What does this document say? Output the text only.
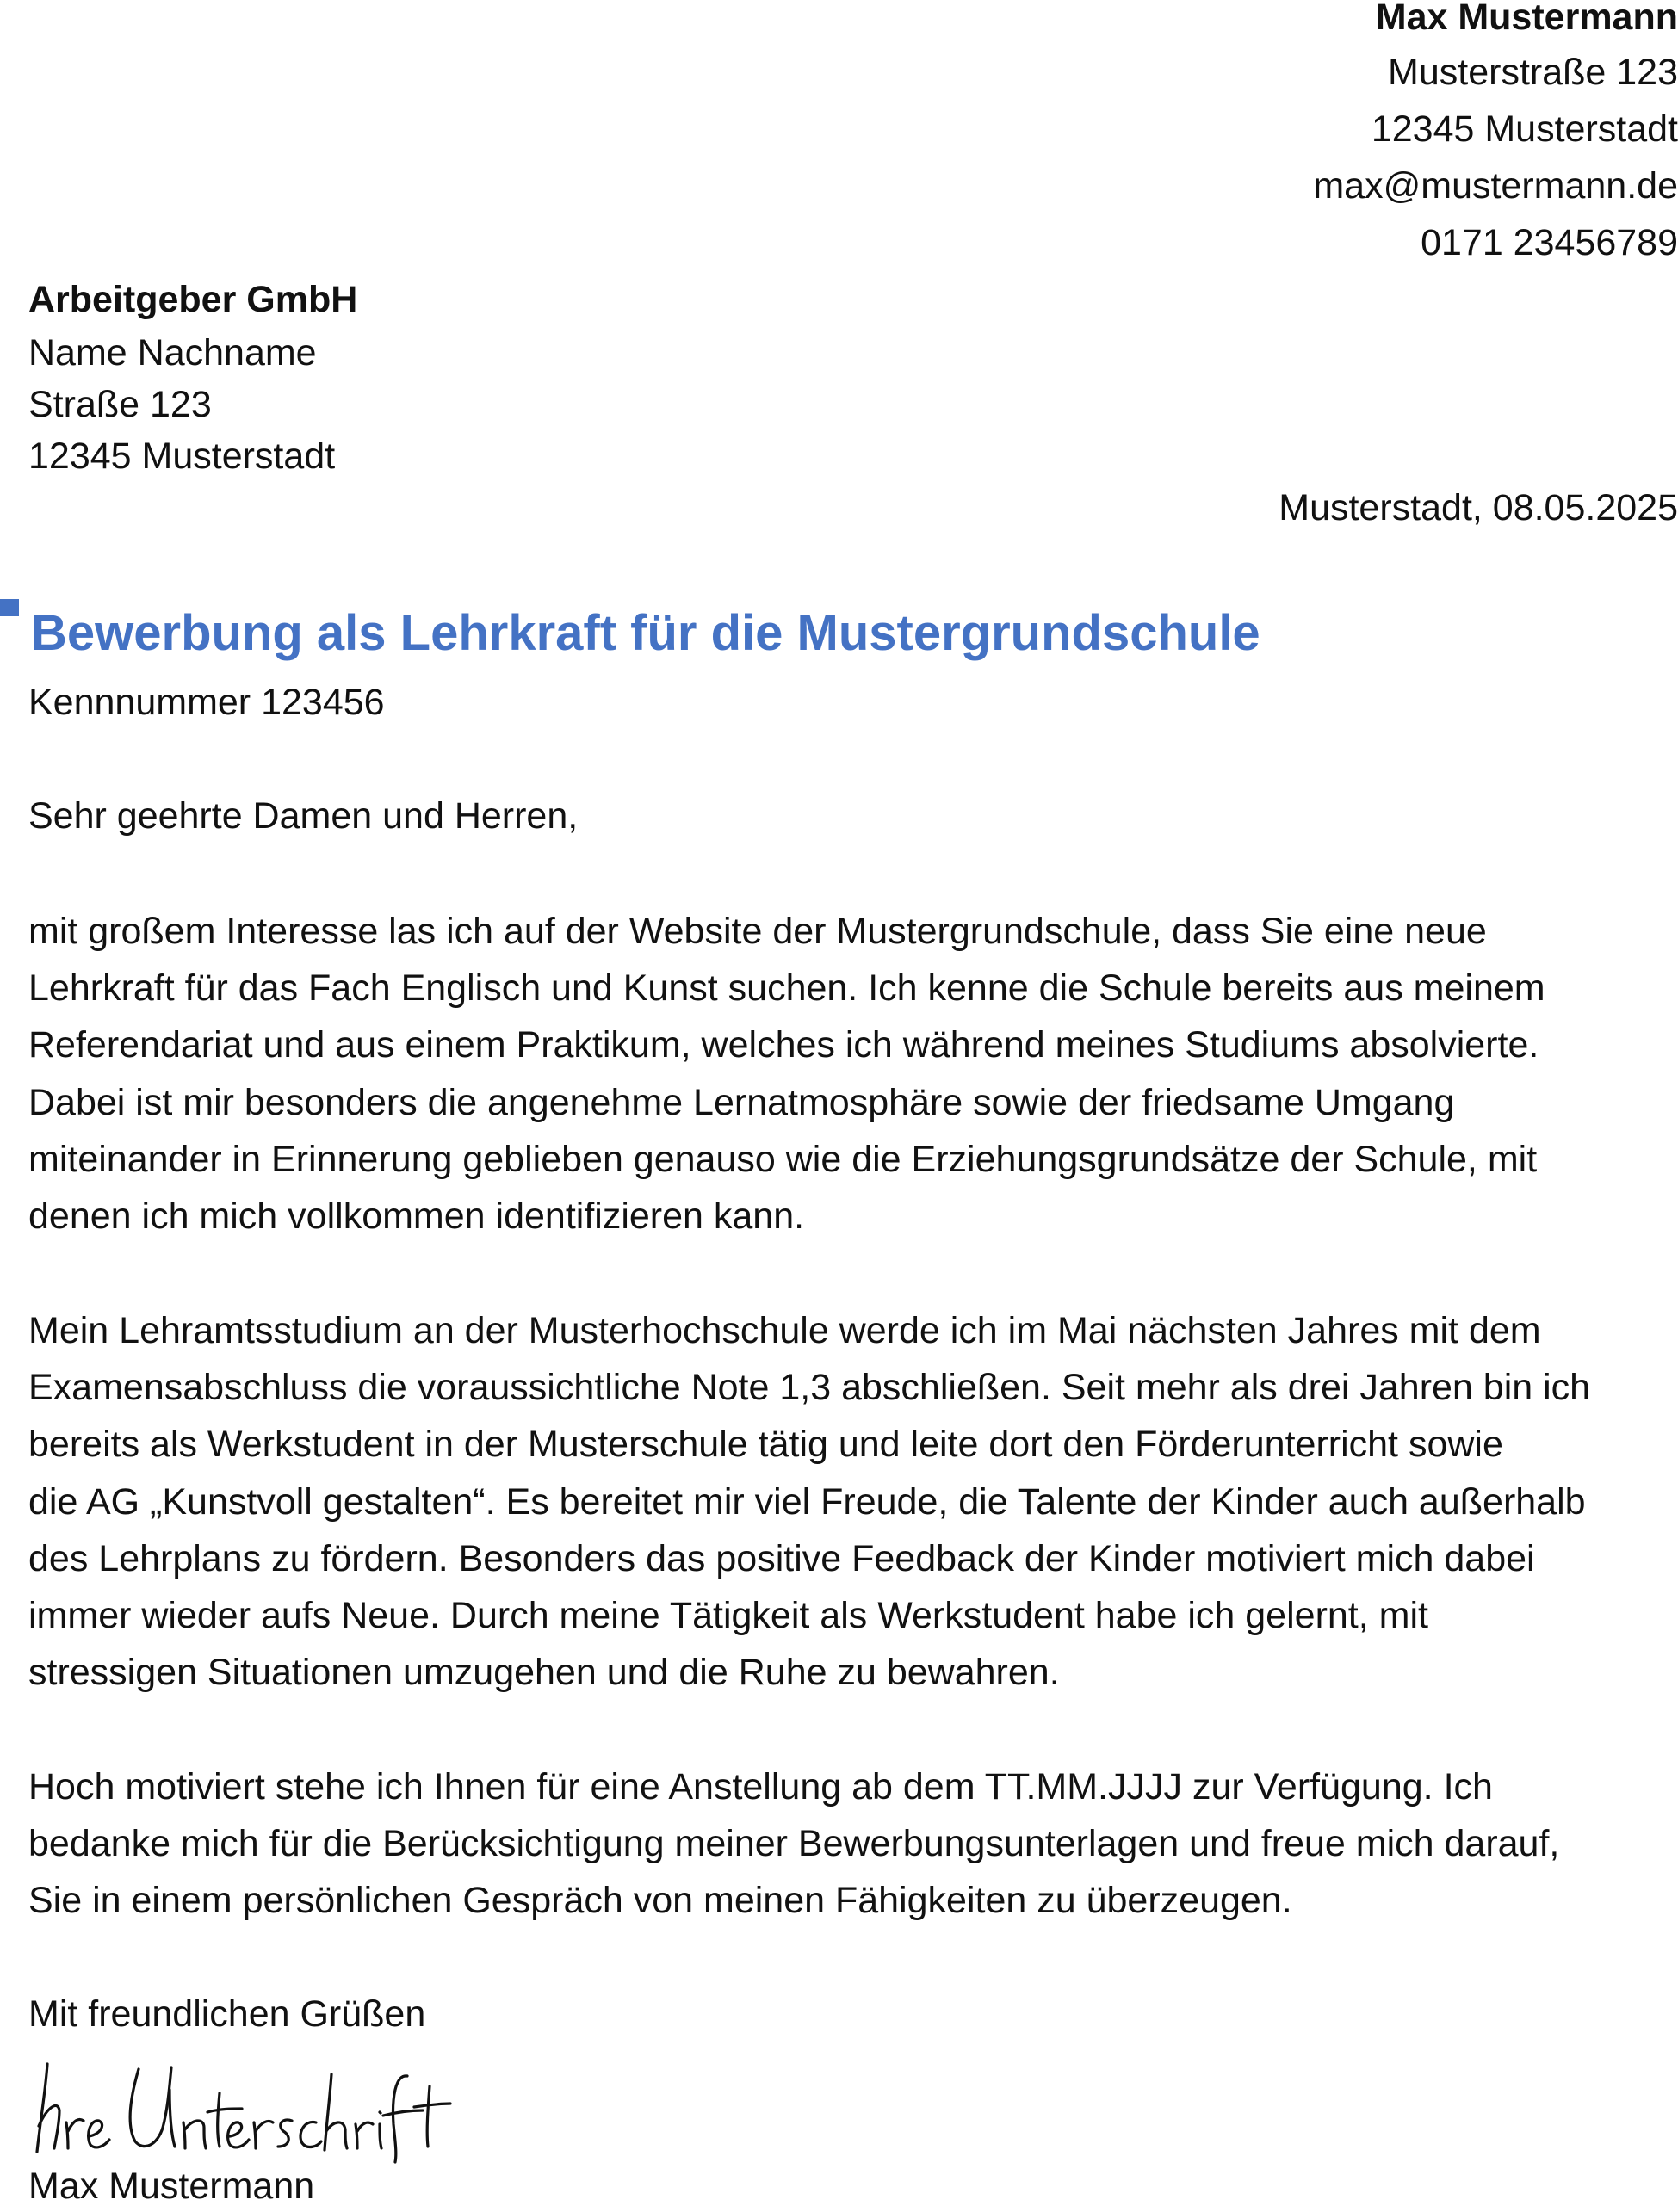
Max Mustermann
Musterstraße 123
12345 Musterstadt
max@mustermann.de
0171 23456789
Arbeitgeber GmbH
Name Nachname
Straße 123
12345 Musterstadt
Musterstadt, 08.05.2025
Bewerbung als Lehrkraft für die Mustergrundschule
Kennnummer 123456
Sehr geehrte Damen und Herren,
mit großem Interesse las ich auf der Website der Mustergrundschule, dass Sie eine neue
Lehrkraft für das Fach Englisch und Kunst suchen. Ich kenne die Schule bereits aus meinem
Referendariat und aus einem Praktikum, welches ich während meines Studiums absolvierte.
Dabei ist mir besonders die angenehme Lernatmosphäre sowie der friedsame Umgang
miteinander in Erinnerung geblieben genauso wie die Erziehungsgrundsätze der Schule, mit
denen ich mich vollkommen identifizieren kann.
Mein Lehramtsstudium an der Musterhochschule werde ich im Mai nächsten Jahres mit dem
Examensabschluss die voraussichtliche Note 1,3 abschließen. Seit mehr als drei Jahren bin ich
bereits als Werkstudent in der Musterschule tätig und leite dort den Förderunterricht sowie
die AG „Kunstvoll gestalten“. Es bereitet mir viel Freude, die Talente der Kinder auch außerhalb
des Lehrplans zu fördern. Besonders das positive Feedback der Kinder motiviert mich dabei
immer wieder aufs Neue. Durch meine Tätigkeit als Werkstudent habe ich gelernt, mit
stressigen Situationen umzugehen und die Ruhe zu bewahren.
Hoch motiviert stehe ich Ihnen für eine Anstellung ab dem TT.MM.JJJJ zur Verfügung. Ich
bedanke mich für die Berücksichtigung meiner Bewerbungsunterlagen und freue mich darauf,
Sie in einem persönlichen Gespräch von meinen Fähigkeiten zu überzeugen.
Mit freundlichen Grüßen
Max Mustermann
